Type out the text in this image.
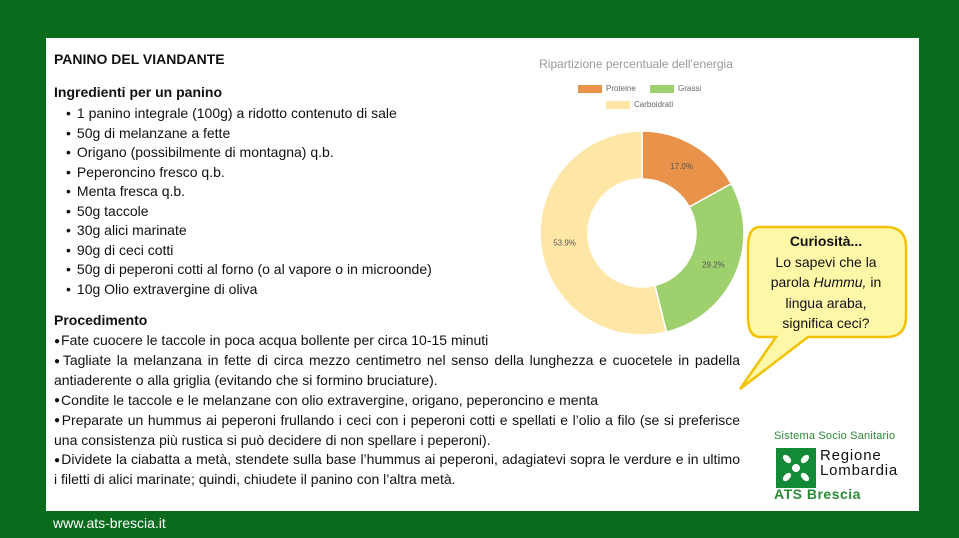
PANINO DEL VIANDANTE
Ingredienti per un panino
• 1 panino integrale (100g) a ridotto contenuto di sale
• 50g di melanzane a fette
• Origano (possibilmente di montagna) q.b.
• Peperoncino fresco q.b.
• Menta fresca q.b.
• 50g taccole
• 30g alici marinate
• 90g di ceci cotti
• 50g di peperoni cotti al forno (o al vapore o in microonde)
• 10g Olio extravergine di oliva
Procedimento

●Fate cuocere le taccole in poca acqua bollente per circa 10-15 minuti

●Tagliate la melanzana in fette di circa mezzo centimetro nel senso della lunghezza e cuocetele in padella antiaderente o alla griglia (evitando che si formino bruciature).

●Condite le taccole e le melanzane con olio extravergine, origano, peperoncino e menta

●Preparate un hummus ai peperoni frullando i ceci con i peperoni cotti e spellati e l’olio a filo (se si preferisce una consistenza più rustica si può decidere di non spellare i peperoni).

●Dividete la ciabatta a metà, stendete sulla base l’hummus ai peperoni, adagiatevi sopra le verdure e in ultimo i filetti di alici marinate; quindi, chiudete il panino con l’altra metà.

Ripartizione percentuale dell'energia
Proteine	Grassi
Carboidrati
17.0%
29.2%
53.9%	Curiosità...
Lo sapevi che la
parola Hummu, in
lingua araba,
significa ceci?
Sistema Socio Sanitario
Regione
Lombardia
ATS Brescia
www.ats-brescia.it
